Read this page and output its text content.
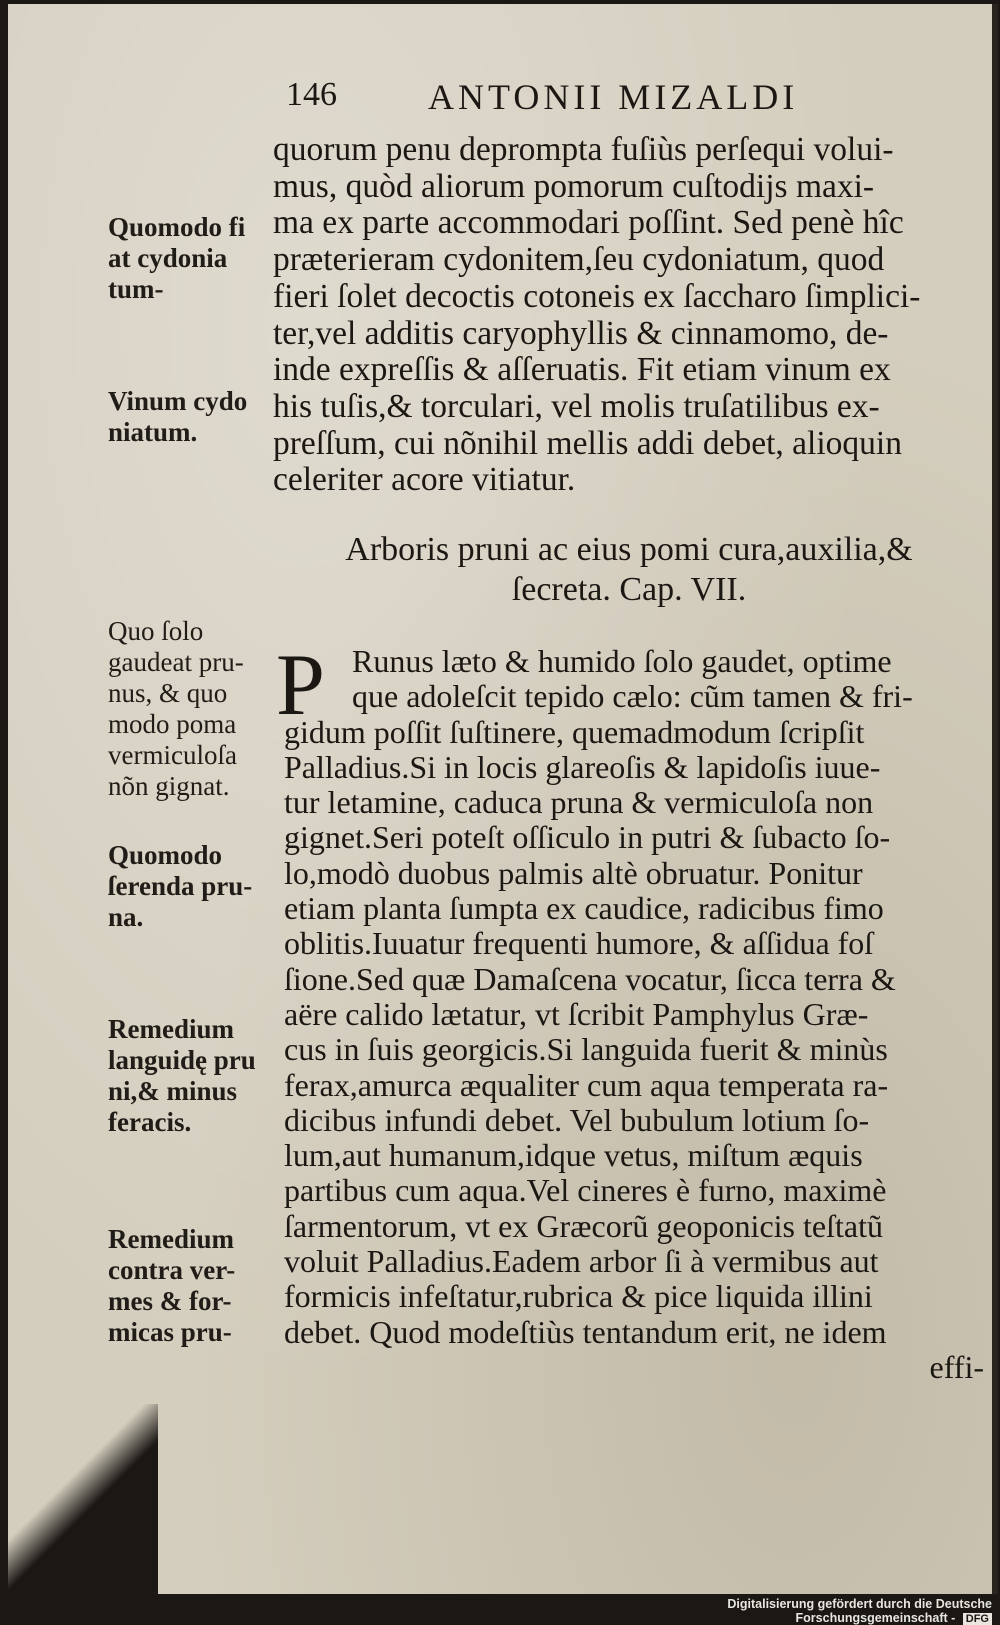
146	ANTONII MIZALDI
quorum penu deprompta fuſiùs perſequi volui-
mus, quòd aliorum pomorum cuſtodijs maxi-
ma ex parte accommodari poſſint. Sed penè hîc
præterieram cydonitem,ſeu cydoniatum, quod
fieri ſolet decoctis cotoneis ex ſaccharo ſimplici-
ter,vel additis caryophyllis & cinnamomo, de-
inde expreſſis & aſſeruatis. Fit etiam vinum ex
his tuſis,& torculari, vel molis truſatilibus ex-
preſſum, cui nõnihil mellis addi debet, alioquin
celeriter acore vitiatur.
Arboris pruni ac eius pomi cura,auxilia,&
ſecreta. Cap. VII.
P Runus læto & humido ſolo gaudet, optime
que adoleſcit tepido cælo: cũm tamen & fri-
gidum poſſit ſuſtinere, quemadmodum ſcripſit
Palladius.Si in locis glareoſis & lapidoſis iuue-
tur letamine, caduca pruna & vermiculoſa non
gignet.Seri poteſt oſſiculo in putri & ſubacto ſo-
lo,modò duobus palmis altè obruatur. Ponitur
etiam planta ſumpta ex caudice, radicibus fimo
oblitis.Iuuatur frequenti humore, & aſſidua foſ
ſione.Sed quæ Damaſcena vocatur, ſicca terra &
aëre calido lætatur, vt ſcribit Pamphylus Græ-
cus in ſuis georgicis.Si languida fuerit & minùs
ferax,amurca æqualiter cum aqua temperata ra-
dicibus infundi debet. Vel bubulum lotium ſo-
lum,aut humanum,idque vetus, miſtum æquis
partibus cum aqua.Vel cineres è furno, maximè
ſarmentorum, vt ex Græcorũ geoponicis teſtatũ
voluit Palladius.Eadem arbor ſi à vermibus aut
formicis infeſtatur,rubrica & pice liquida illini
debet. Quod modeſtiùs tentandum erit, ne idem
effi-
Quomodo fi
at cydonia
tum-
Vinum cydo
niatum.
Quo ſolo
gaudeat pru-
nus, & quo
modo poma
vermiculoſa
nõn gignat.
Quomodo
ſerenda pru-
na.
Remedium
languidę pru
ni,& minus
feracis.
Remedium
contra ver-
mes & for-
micas pru-
Digitalisierung gefördert durch die Deutsche Forschungsgemeinschaft - DFG
